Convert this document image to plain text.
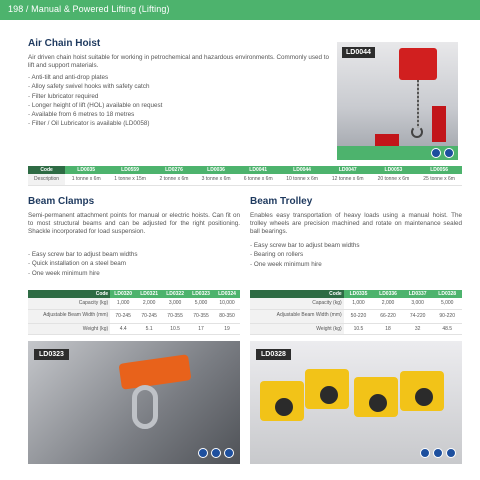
198 / Manual & Powered Lifting (Lifting)
Air Chain Hoist
Air driven chain hoist suitable for working in petrochemical and hazardous environments. Commonly used to lift and support materials.
- Anti-tilt and anti-drop plates
- Alloy safety swivel hooks with safety catch
- Filter lubricator required
- Longer height of lift (HOL) available on request
- Available from 6 metres to 18 metres
- Filter / Oil Lubricator is available (LD0058)
LD0044
Code	LD0035	LD0559	LD0276	LD0036	LD0041	LD0044	LD0047	LD0053	LD0056
Description	1 tonne x 6m	1 tonne x 15m	2 tonne x 6m	3 tonne x 6m	6 tonne x 6m	10 tonne x 6m	12 tonne x 6m	20 tonne x 6m	25 tonne x 6m
Beam Clamps
Semi-permanent attachment points for manual or electric hoists. Can fit on to most structural beams and can be adjusted for the right positioning. Shackle incorporated for load suspension.
- Easy screw bar to adjust beam widths
- Quick installation on a steel beam
- One week minimum hire
Code	LD0320	LD0321	LD0322	LD0323	LD0324
Capacity (kg)	1,000	2,000	3,000	5,000	10,000
Adjustable Beam Width (mm)	70-245	70-245	70-355	70-355	80-350
Weight (kg)	4.4	5.1	10.5	17	19
Beam Trolley
Enables easy transportation of heavy loads using a manual hoist. The trolley wheels are precision machined and rotate on maintenance sealed ball bearings.
- Easy screw bar to adjust beam widths
- Bearing on rollers
- One week minimum hire
Code	LD0335	LD0336	LD0337	LD0328
Capacity (kg)	1,000	2,000	3,000	5,000
Adjustable Beam Width (mm)	50-220	66-220	74-220	90-220
Weight (kg)	10.5	18	32	48.5
LD0323	LD0328
